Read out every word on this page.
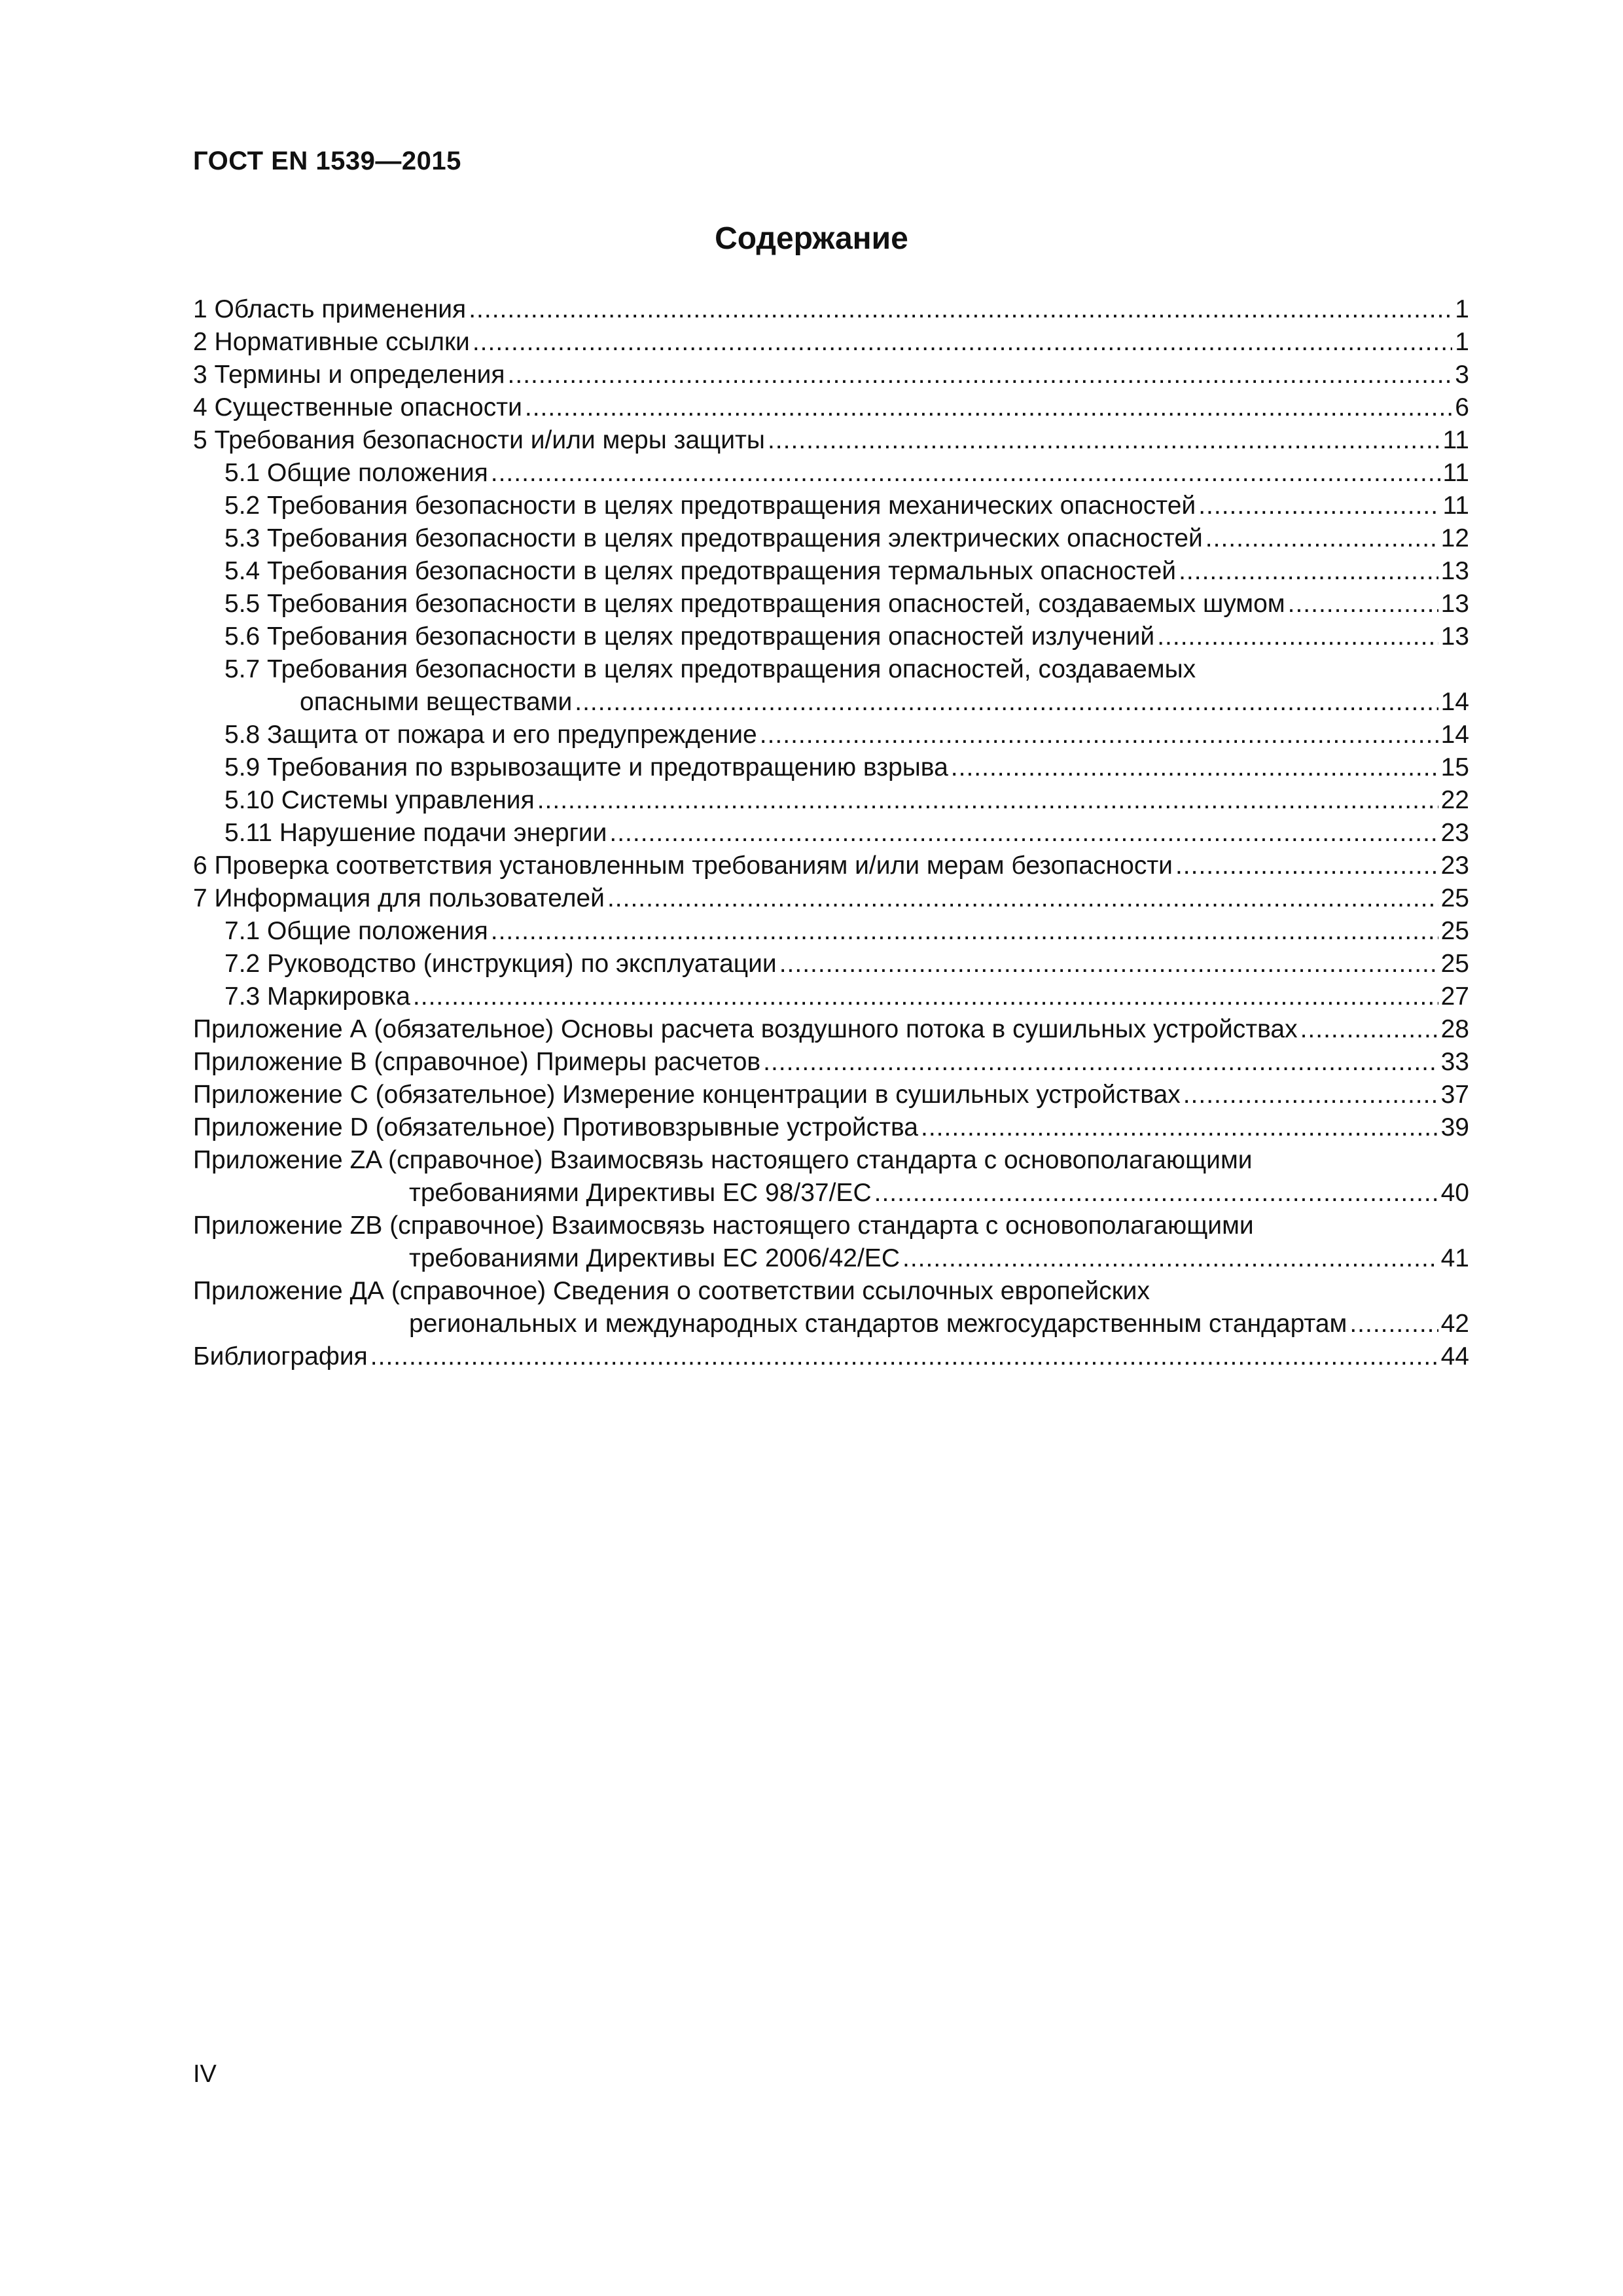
ГОСТ EN 1539—2015
Содержание
1 Область применения .....	1
2 Нормативные ссылки .....	1
3 Термины и определения .....	3
4 Существенные опасности .....	6
5 Требования безопасности и/или меры защиты .....	11
5.1 Общие положения .....	11
5.2 Требования безопасности в целях предотвращения механических опасностей .....	11
5.3 Требования безопасности в целях предотвращения электрических опасностей .....	12
5.4 Требования безопасности в целях предотвращения термальных опасностей .....	13
5.5 Требования безопасности в целях предотвращения опасностей, создаваемых шумом .....	13
5.6 Требования безопасности в целях предотвращения опасностей излучений .....	13
5.7 Требования безопасности в целях предотвращения опасностей, создаваемых
опасными веществами .....	14
5.8 Защита от пожара и его предупреждение .....	14
5.9 Требования по взрывозащите и предотвращению взрыва .....	15
5.10 Системы управления .....	22
5.11 Нарушение подачи энергии .....	23
6 Проверка соответствия установленным требованиям и/или мерам безопасности .....	23
7 Информация для пользователей .....	25
7.1 Общие положения .....	25
7.2 Руководство (инструкция) по эксплуатации .....	25
7.3 Маркировка .....	27
Приложение А (обязательное) Основы расчета воздушного потока в сушильных устройствах .....	28
Приложение В (справочное) Примеры расчетов .....	33
Приложение С (обязательное) Измерение концентрации в сушильных устройствах .....	37
Приложение D (обязательное) Противовзрывные устройства .....	39
Приложение ZA (справочное) Взаимосвязь настоящего стандарта с основополагающими
требованиями Директивы ЕС 98/37/ЕС .....	40
Приложение ZB (справочное) Взаимосвязь настоящего стандарта с основополагающими
требованиями Директивы ЕС 2006/42/ЕС .....	41
Приложение ДА (справочное) Сведения о соответствии ссылочных европейских
региональных и международных стандартов межгосударственным стандартам .....	42
Библиография .....	44

IV
